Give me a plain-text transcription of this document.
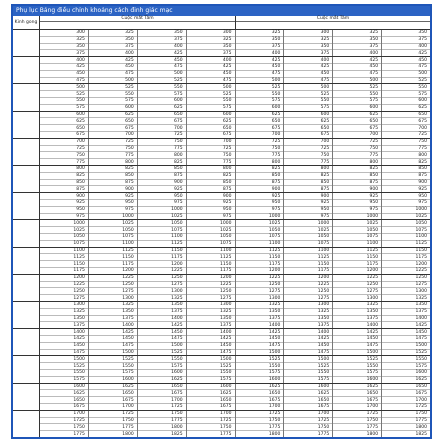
Phụ lục Bảng điều chỉnh khoảng cách đinh giác mạc
Kinh gong
Cuộc mắt Tâm	Cuộc mắt Tâm
300
325
350
375
325
350
375
400
350
375
400
425
300
325
350
375
325
350
375
400
300
325
350
375
325
350
375
400
350
375
400
425
400
425
450
475
425
450
475
500
450
475
500
525
400
425
450
475
425
450
475
500
400
425
450
475
425
450
475
500
450
475
500
525
500
525
550
575
525
550
575
600
550
575
600
625
500
525
550
575
525
550
575
600
500
525
550
575
525
550
575
600
550
575
600
625
600
625
650
675
625
650
675
700
650
675
700
725
600
625
650
675
625
650
675
700
600
625
650
675
625
650
675
700
650
675
700
725
700
725
750
775
725
750
775
800
750
775
800
825
700
725
750
775
725
750
775
800
700
725
750
775
725
750
775
800
750
775
800
825
800
825
850
875
825
850
875
900
850
875
900
925
800
825
850
875
825
850
875
900
800
825
850
875
825
850
875
900
850
875
900
925
900
925
950
975
925
950
975
1000
950
975
1000
1025
900
925
950
975
925
950
975
1000
900
925
950
975
925
950
975
1000
950
975
1000
1025
1000
1025
1050
1075
1025
1050
1075
1100
1050
1075
1100
1125
1000
1025
1050
1075
1025
1050
1075
1100
1000
1025
1050
1075
1025
1050
1075
1100
1050
1075
1100
1125
1100
1125
1150
1175
1125
1150
1175
1200
1150
1175
1200
1225
1100
1125
1150
1175
1125
1150
1175
1200
1100
1125
1150
1175
1125
1150
1175
1200
1150
1175
1200
1225
1200
1225
1250
1275
1225
1250
1275
1300
1250
1275
1300
1325
1200
1225
1250
1275
1225
1250
1275
1300
1200
1225
1250
1275
1225
1250
1275
1300
1250
1275
1300
1325
1300
1325
1350
1375
1325
1350
1375
1400
1350
1375
1400
1425
1300
1325
1350
1375
1325
1350
1375
1400
1300
1325
1350
1375
1325
1350
1375
1400
1350
1375
1400
1425
1400
1425
1450
1475
1425
1450
1475
1500
1450
1475
1500
1525
1400
1425
1450
1475
1425
1450
1475
1500
1400
1425
1450
1475
1425
1450
1475
1500
1450
1475
1500
1525
1500
1525
1550
1575
1525
1550
1575
1600
1550
1575
1600
1625
1500
1525
1550
1575
1525
1550
1575
1600
1500
1525
1550
1575
1525
1550
1575
1600
1550
1575
1600
1625
1600
1625
1650
1675
1625
1650
1675
1700
1650
1675
1700
1725
1600
1625
1650
1675
1625
1650
1675
1700
1600
1625
1650
1675
1625
1650
1675
1700
1650
1675
1700
1725
1700
1725
1750
1775
1725
1750
1775
1800
1750
1775
1800
1825
1700
1725
1750
1775
1725
1750
1775
1800
1700
1725
1750
1775
1725
1750
1775
1800
1750
1775
1800
1825
